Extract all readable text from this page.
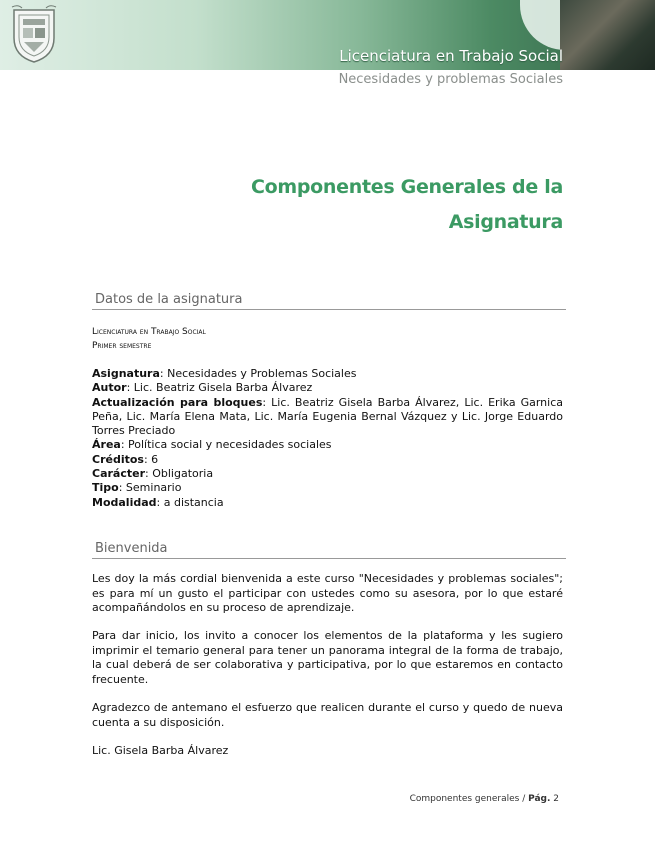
Licenciatura en Trabajo Social
Necesidades y problemas Sociales
Componentes Generales de la
Asignatura
Datos de la asignatura
Licenciatura en Trabajo Social
Primer semestre
Asignatura: Necesidades y Problemas Sociales
Autor: Lic. Beatriz Gisela Barba Álvarez
Actualización para bloques: Lic. Beatriz Gisela Barba Álvarez, Lic. Erika Garnica Peña, Lic. María Elena Mata, Lic. María Eugenia Bernal Vázquez y Lic. Jorge Eduardo Torres Preciado
Área: Política social y necesidades sociales
Créditos: 6
Carácter: Obligatoria
Tipo: Seminario
Modalidad: a distancia
Bienvenida
Les doy la más cordial bienvenida a este curso "Necesidades y problemas sociales"; es para mí un gusto el participar con ustedes como su asesora, por lo que estaré acompañándolos en su proceso de aprendizaje.
Para dar inicio, los invito a conocer los elementos de la plataforma y les sugiero imprimir el temario general para tener un panorama integral de la forma de trabajo, la cual deberá de ser colaborativa y participativa, por lo que estaremos en contacto frecuente.
Agradezco de antemano el esfuerzo que realicen durante el curso y quedo de nueva cuenta a su disposición.
Lic. Gisela Barba Álvarez
Componentes generales / Pág. 2
